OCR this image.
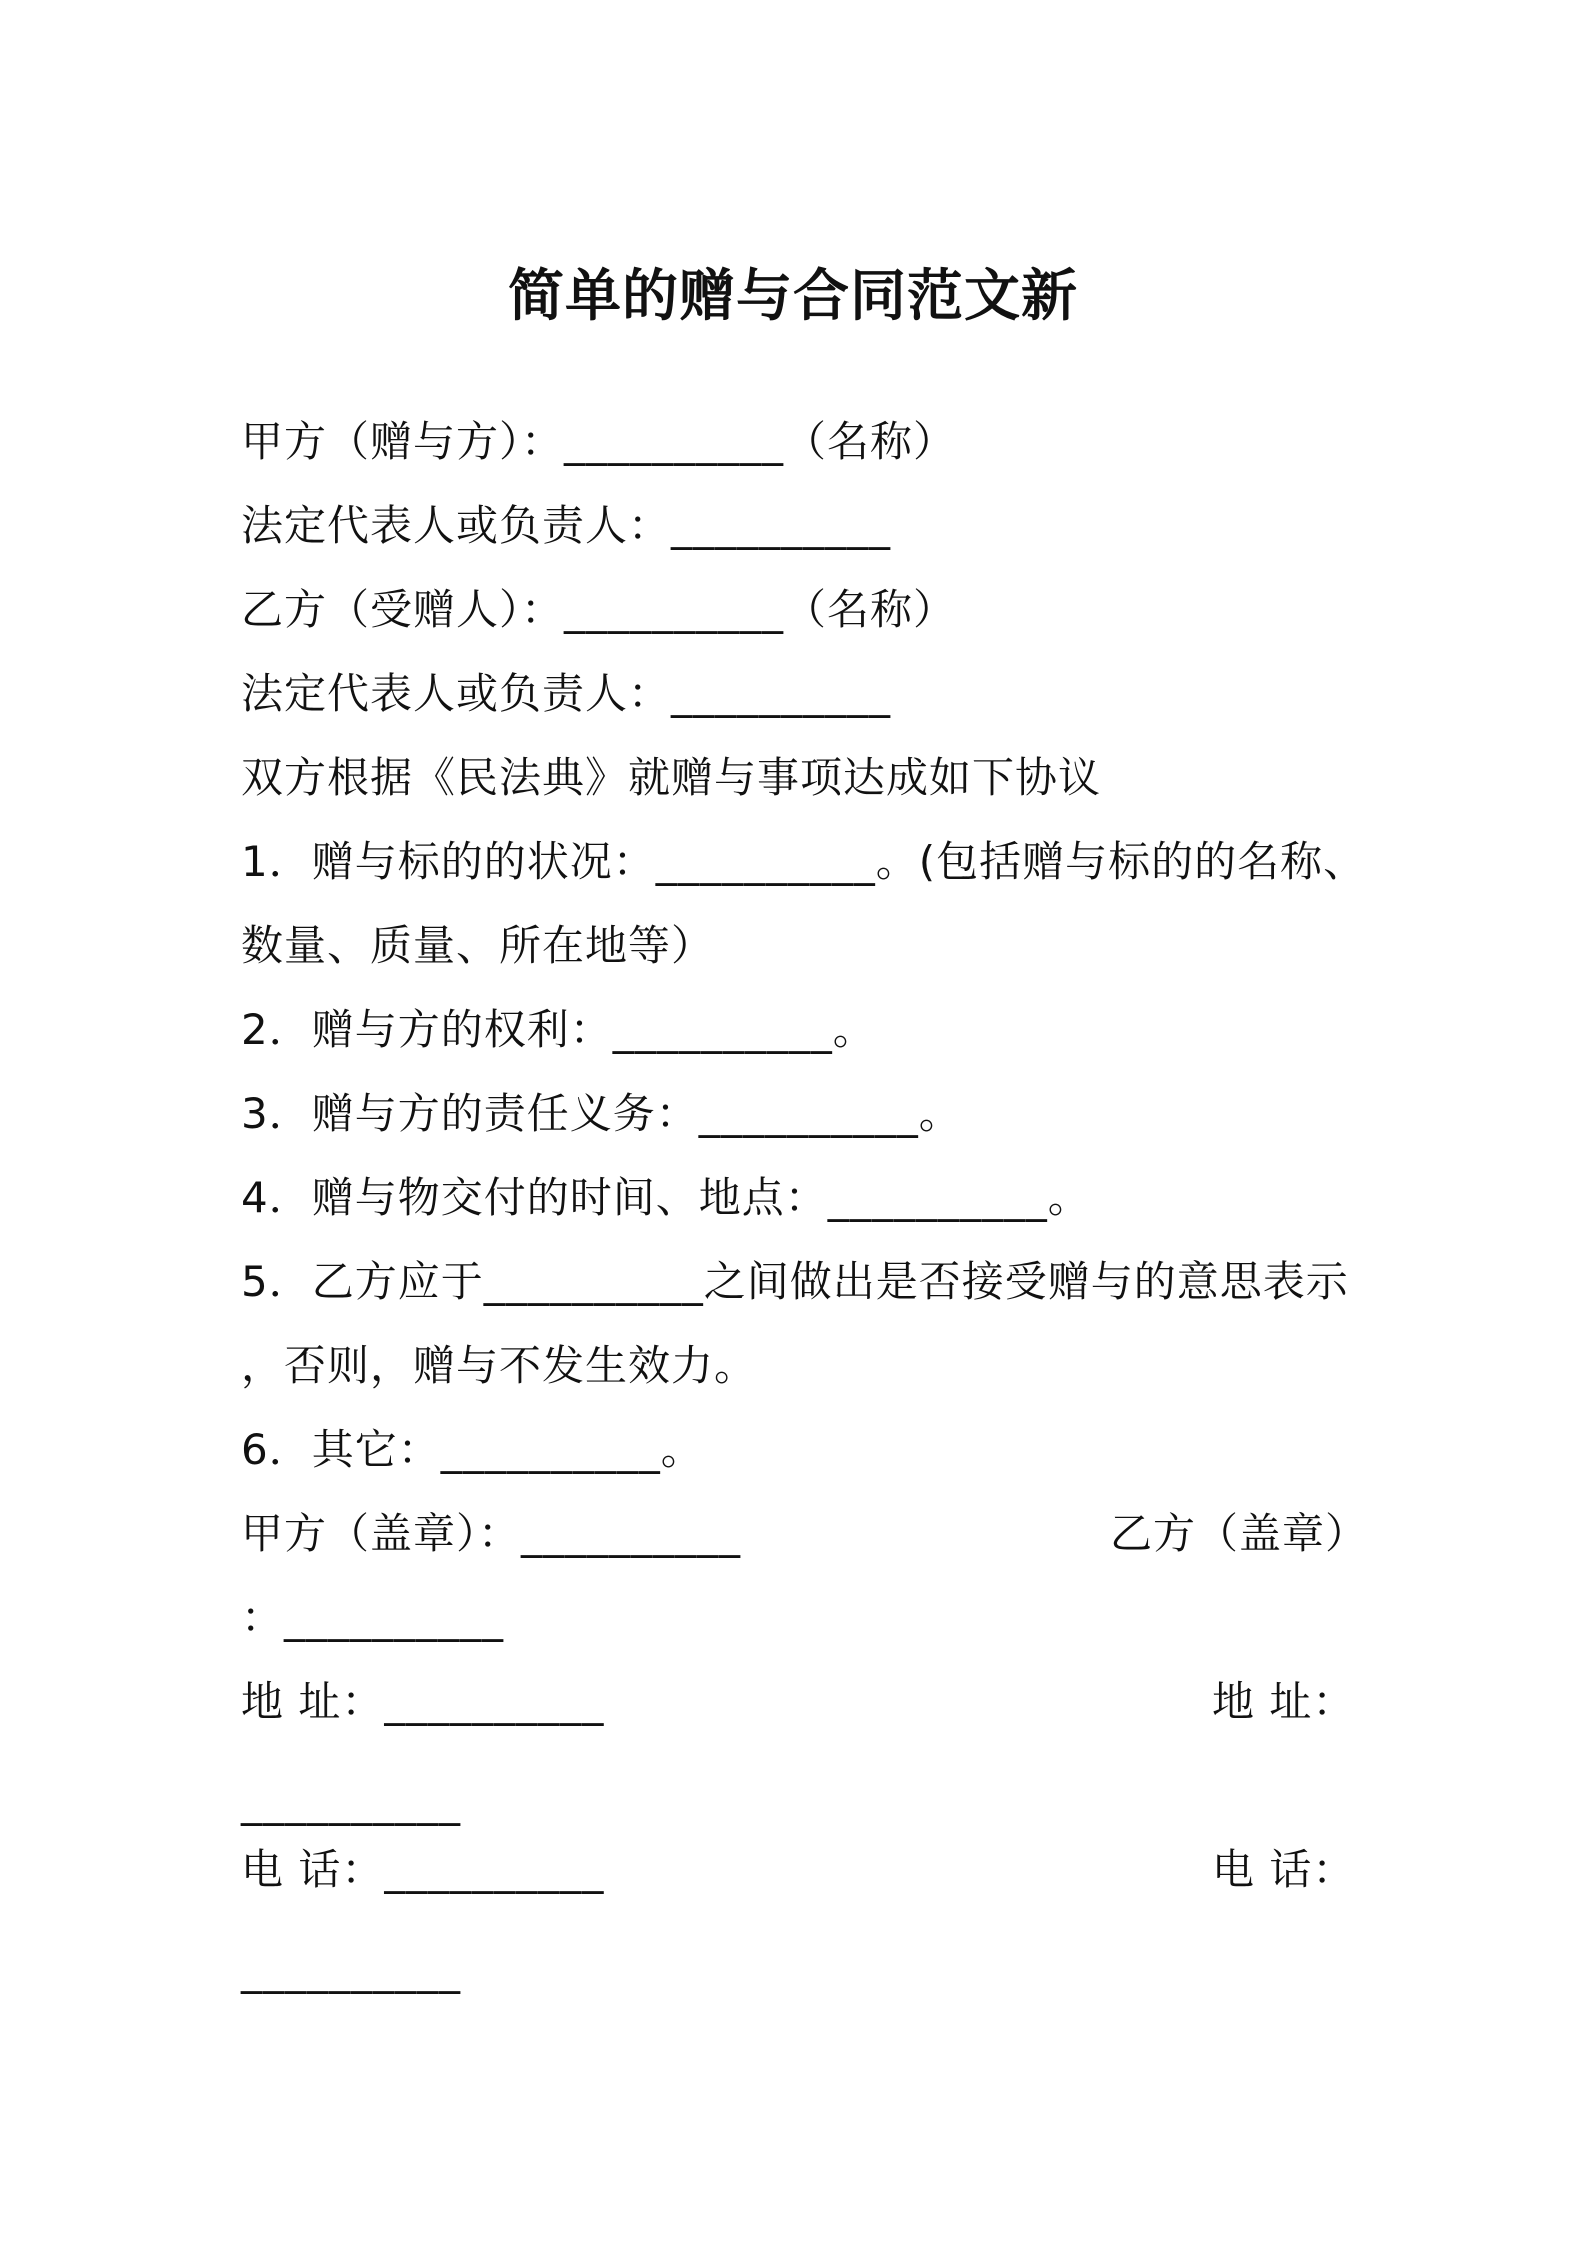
简单的赠与合同范文新
甲方（赠与方）：__________（名称）
法定代表人或负责人：__________
乙方（受赠人）：__________（名称）
法定代表人或负责人：__________
双方根据《民法典》就赠与事项达成如下协议
1．赠与标的的状况：__________。(包括赠与标的的名称、
数量、质量、所在地等）
2．赠与方的权利：__________。
3．赠与方的责任义务：__________。
4．赠与物交付的时间、地点：__________。
5．乙方应于__________之间做出是否接受赠与的意思表示
，否则，赠与不发生效力。
6．其它：__________。
甲方（盖章）：__________	乙方（盖章）
：__________
地 址：__________	地 址：
__________
电 话：__________	电 话：
__________
